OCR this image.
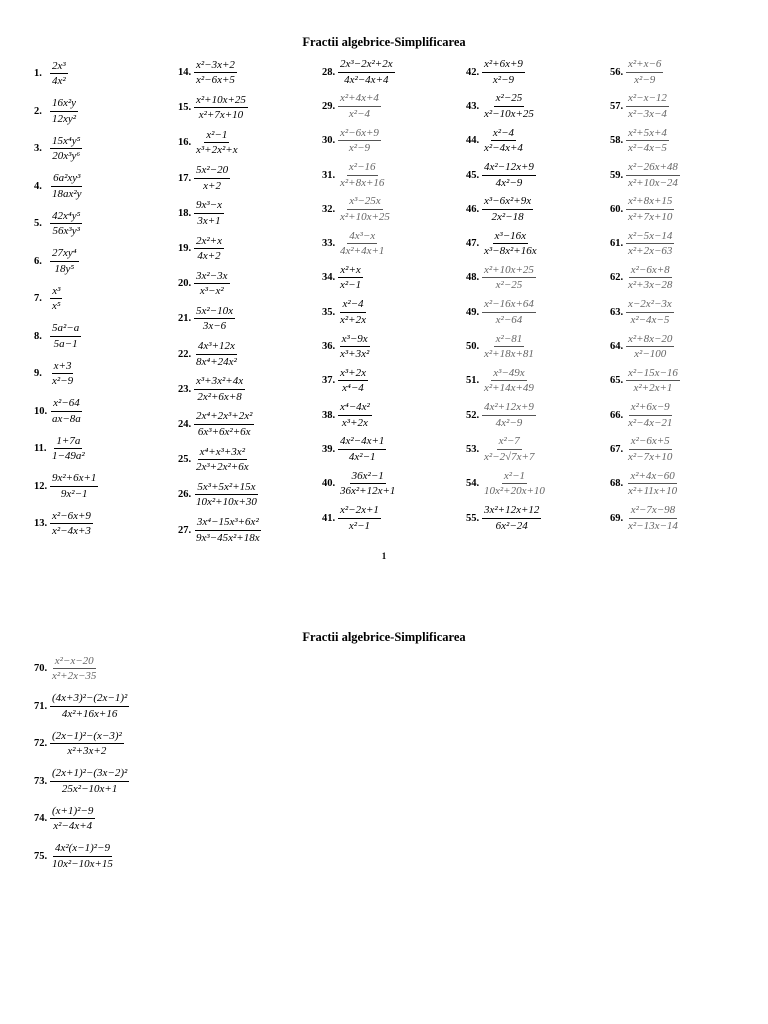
Fractii algebrice-Simplificarea
1. $\frac{\text{2x³}}{\text{4x²}}$
2. $\frac{\text{16x²y}}{\text{12xy²}}$
3. $\frac{\text{15x⁴y⁵}}{\text{20x³y⁶}}$
4. $\frac{\text{6a²xy³}}{\text{18ax²y}}$
5. $\frac{\text{42x⁴y⁵}}{\text{56x³y³}}$
6. $\frac{\text{27xy⁴}}{\text{18y⁵}}$
7. $\frac{\text{x³}}{\text{x⁵}}$
8. $\frac{\text{5a²−a}}{5a-1}$
9. $\frac{x+3}{\text{x²−9}}$
10. $\frac{\text{x²−64}}{ax-8a}$
11. $\frac{1+7a}{\text{1−49a²}}$
12. $\frac{\text{9x²+6x+1}}{\text{9x²−1}}$
13. $\frac{\text{x²−6x+9}}{\text{x²−4x+3}}$
14. $\frac{\text{x²−3x+2}}{\text{x²−6x+5}}$
15. $\frac{\text{x²+10x+25}}{\text{x²+7x+10}}$
16. $\frac{\text{x²−1}}{\text{x³+2x²+x}}$
17. $\frac{\text{5x²−20}}{x+2}$
18. $\frac{\text{9x³−x}}{3x+1}$
19. $\frac{\text{2x²+x}}{4x+2}$
20. $\frac{\text{3x²−3x}}{\text{x³−x²}}$
21. $\frac{\text{5x²−10x}}{3x-6}$
22. $\frac{\text{4x³+12x}}{\text{8x⁴+24x²}}$
23. $\frac{\text{x³+3x²+4x}}{\text{2x²+6x+8}}$
24. $\frac{\text{2x⁴+2x³+2x²}}{\text{6x³+6x²+6x}}$
25. $\frac{\text{x⁴+x³+3x²}}{\text{2x³+2x²+6x}}$
26. $\frac{\text{5x³+5x²+15x}}{\text{10x²+10x+30}}$
27. $\frac{\text{3x⁴−15x³+6x²}}{\text{9x³−45x²+18x}}$
28. $\frac{\text{2x³−2x²+2x}}{\text{4x²−4x+4}}$
29. $\frac{\text{x²+4x+4}}{\text{x²−4}}$
30. $\frac{\text{x²−6x+9}}{\text{x²−9}}$
31. $\frac{\text{x²−16}}{\text{x²+8x+16}}$
32. $\frac{\text{x³−25x}}{\text{x²+10x+25}}$
33. $\frac{\text{4x³−x}}{\text{4x²+4x+1}}$
34. $\frac{\text{x²+x}}{\text{x²−1}}$
35. $\frac{\text{x²−4}}{\text{x²+2x}}$
36. $\frac{\text{x³−9x}}{\text{x³+3x²}}$
37. $\frac{\text{x³+2x}}{\text{x⁴−4}}$
38. $\frac{\text{x⁴−4x²}}{\text{x³+2x}}$
39. $\frac{\text{4x²−4x+1}}{\text{4x²−1}}$
40. $\frac{\text{36x²−1}}{\text{36x²+12x+1}}$
41. $\frac{\text{x²−2x+1}}{\text{x²−1}}$
42. $\frac{\text{x²+6x+9}}{\text{x²−9}}$
43. $\frac{\text{x²−25}}{\text{x²−10x+25}}$
44. $\frac{\text{x²−4}}{\text{x²−4x+4}}$
45. $\frac{\text{4x²−12x+9}}{\text{4x²−9}}$
46. $\frac{\text{x³−6x²+9x}}{\text{2x²−18}}$
47. $\frac{\text{x³−16x}}{\text{x³−8x²+16x}}$
48. $\frac{\text{x²+10x+25}}{\text{x²−25}}$
49. $\frac{\text{x²−16x+64}}{\text{x²−64}}$
50. $\frac{\text{x²−81}}{\text{x²+18x+81}}$
51. $\frac{\text{x³−49x}}{\text{x²+14x+49}}$
52. $\frac{\text{4x²+12x+9}}{\text{4x²−9}}$
53. $\frac{\text{x²−7}}{\text{x²−2√7x+7}}$
54. $\frac{\text{x²−1}}{\text{10x²+20x+10}}$
55. $\frac{\text{3x²+12x+12}}{\text{6x²−24}}$
56. $\frac{\text{x²+x−6}}{\text{x²−9}}$
57. $\frac{\text{x²−x−12}}{\text{x²−3x−4}}$
58. $\frac{\text{x²+5x+4}}{\text{x²−4x−5}}$
59. $\frac{\text{x²−26x+48}}{\text{x²+10x−24}}$
60. $\frac{\text{x²+8x+15}}{\text{x²+7x+10}}$
61. $\frac{\text{x²−5x−14}}{\text{x²+2x−63}}$
62. $\frac{\text{x²−6x+8}}{\text{x²+3x−28}}$
63. $\frac{\text{x−2x²−3x}}{\text{x²−4x−5}}$
64. $\frac{\text{x²+8x−20}}{\text{x²−100}}$
65. $\frac{\text{x²−15x−16}}{\text{x²+2x+1}}$
66. $\frac{\text{x²+6x−9}}{\text{x²−4x−21}}$
67. $\frac{\text{x²−6x+5}}{\text{x²−7x+10}}$
68. $\frac{\text{x²+4x−60}}{\text{x²+11x+10}}$
69. $\frac{\text{x²−7x−98}}{\text{x²−13x−14}}$
1
Fractii algebrice-Simplificarea
70. $\frac{\text{x²−x−20}}{\text{x²+2x−35}}$
71. $\frac{\text{(4x+3)²−(2x−1)²}}{\text{4x²+16x+16}}$
72. $\frac{\text{(2x−1)²−(x−3)²}}{\text{x²+3x+2}}$
73. $\frac{\text{(2x+1)²−(3x−2)²}}{\text{25x²−10x+1}}$
74. $\frac{\text{(x+1)²−9}}{\text{x²−4x+4}}$
75. $\frac{\text{4x²(x−1)²−9}}{\text{10x²−10x+15}}$
